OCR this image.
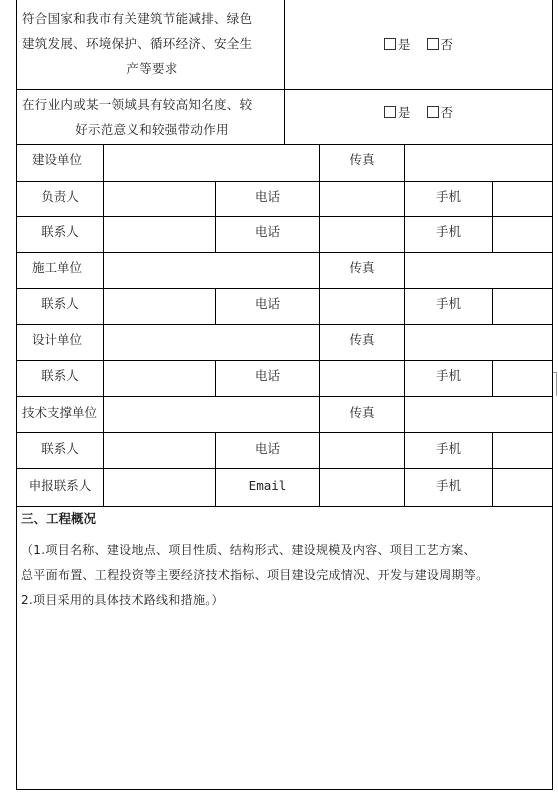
符合国家和我市有关建筑节能减排、绿色
建筑发展、环境保护、循环经济、安全生
产等要求
是	否
在行业内或某一领域具有较高知名度、较
好示范意义和较强带动作用
是	否
建设单位	传真
负责人	电话	手机
联系人	电话	手机
施工单位	传真
联系人	电话	手机
设计单位	传真
联系人	电话	手机
技术支撑单位	传真
联系人	电话	手机
申报联系人	Email	手机
三、工程概况
（1.项目名称、建设地点、项目性质、结构形式、建设规模及内容、项目工艺方案、
总平面布置、工程投资等主要经济技术指标、项目建设完成情况、开发与建设周期等。
2.项目采用的具体技术路线和措施。）
